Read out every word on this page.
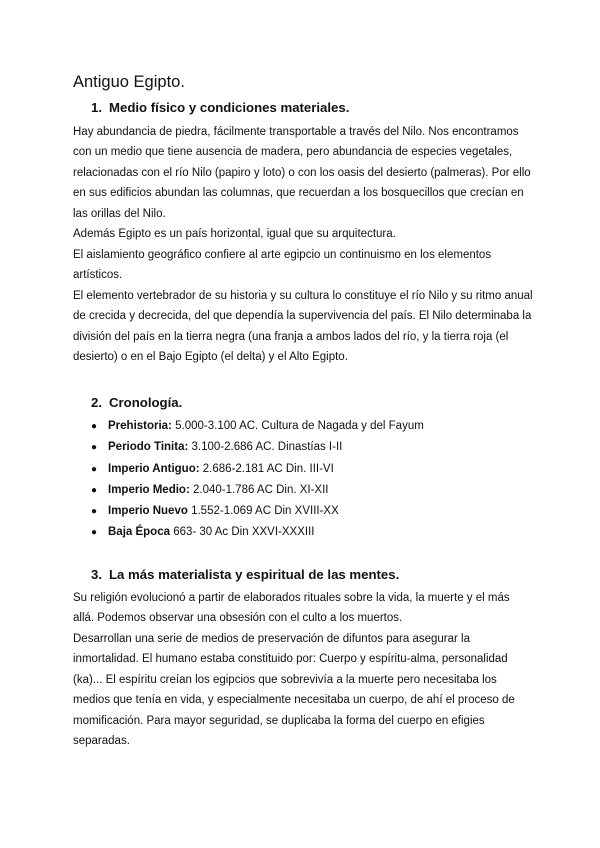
Antiguo Egipto.
1. Medio físico y condiciones materiales.

Hay abundancia de piedra, fácilmente transportable a través del Nilo. Nos encontramos con un medio que tiene ausencia de madera, pero abundancia de especies vegetales, relacionadas con el río Nilo (papiro y loto) o con los oasis del desierto (palmeras). Por ello en sus edificios abundan las columnas, que recuerdan a los bosquecillos que crecían en las orillas del Nilo.

Además Egipto es un país horizontal, igual que su arquitectura.

El aislamiento geográfico confiere al arte egipcio un continuismo en los elementos artísticos.

El elemento vertebrador de su historia y su cultura lo constituye el río Nilo y su ritmo anual de crecida y decrecida, del que dependía la supervivencia del país. El Nilo determinaba la división del país en la tierra negra (una franja a ambos lados del río, y la tierra roja (el desierto) o en el Bajo Egipto (el delta) y el Alto Egipto.

2. Cronología.
● Prehistoria: 5.000-3.100 AC. Cultura de Nagada y del Fayum
● Periodo Tinita: 3.100-2.686 AC. Dinastías I-II
● Imperio Antiguo: 2.686-2.181 AC Din. III-VI
● Imperio Medio: 2.040-1.786 AC Din. XI-XII
● Imperio Nuevo 1.552-1.069 AC Din XVIII-XX
● Baja Época 663- 30 Ac Din XXVI-XXXIII
3. La más materialista y espiritual de las mentes.

Su religión evolucionó a partir de elaborados rituales sobre la vida, la muerte y el más allá. Podemos observar una obsesión con el culto a los muertos.

Desarrollan una serie de medios de preservación de difuntos para asegurar la inmortalidad. El humano estaba constituido por: Cuerpo y espíritu-alma, personalidad (ka)... El espíritu creían los egipcios que sobrevivía a la muerte pero necesitaba los medios que tenía en vida, y especialmente necesitaba un cuerpo, de ahí el proceso de momificación. Para mayor seguridad, se duplicaba la forma del cuerpo en efigies separadas.
